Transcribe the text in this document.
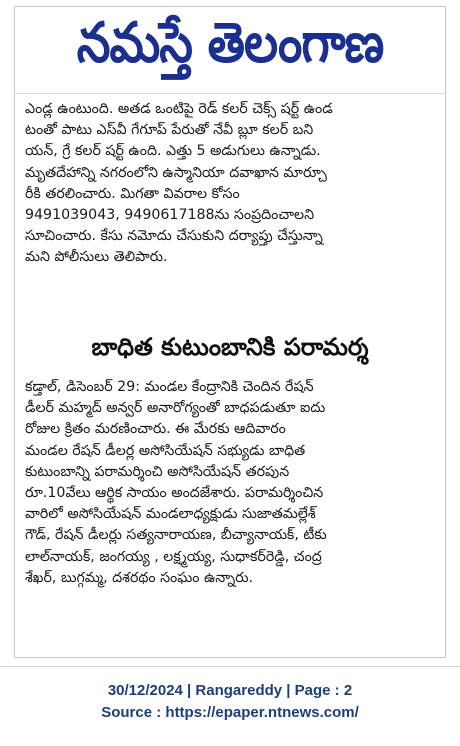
నమస్తే తెలంగాణ
ఎండ్ల ఉంటుంది. అతడ ఒంటిపై రెడ్ కలర్ చెక్స్ షర్ట్ ఉండ
టంతో పాటు ఎస్‌వీ గేగూప్ పేరుతో నేవీ బ్లూ కలర్ బని
యన్, గ్రే కలర్ షర్ట్ ఉంది. ఎత్తు 5 అడుగులు ఉన్నాడు.
మృతదేహాన్ని నగరంలోని ఉస్మానియా దవాఖాన మార్చూ
రీకి తరలించారు. మిగతా వివరాల కోసం
9491039043, 9490617188ను సంప్రదించాలని
సూచించారు. కేసు నమోదు చేసుకుని దర్యాప్తు చేస్తున్నా
మని పోలీసులు తెలిపారు.
బాధిత కుటుంబానికి పరామర్శ
కడ్తాల్, డిసెంబర్ 29: మండల కేంద్రానికి చెందిన రేషన్
డీలర్ మహ్మద్ అన్వర్ అనారోగ్యంతో బాధపడుతూ ఐదు
రోజుల క్రితం మరణించారు. ఈ మేరకు ఆదివారం
మండల రేషన్ డీలర్ల అసోసియేషన్ సభ్యుడు బాధిత
కుటుంబాన్ని పరామర్శించి అసోసియేషన్ తరపున
రూ.10వేలు ఆర్థిక సాయం అందజేశారు. పరామర్శించిన
వారిలో అసోసియేషన్ మండలాధ్యక్షుడు సుజాతమల్లేశ్
గౌడ్, రేషన్ డీలర్లు సత్యనారాయణ, బీచ్యానాయక్, టీకు
లాల్‌నాయక్, జంగయ్య , లక్ష్మయ్య, సుధాకర్‌రెడ్డి, చంద్ర
శేఖర్, బుగ్గమ్మ, దశరథం సంఘం ఉన్నారు.
30/12/2024 | Rangareddy | Page : 2
Source : https://epaper.ntnews.com/
